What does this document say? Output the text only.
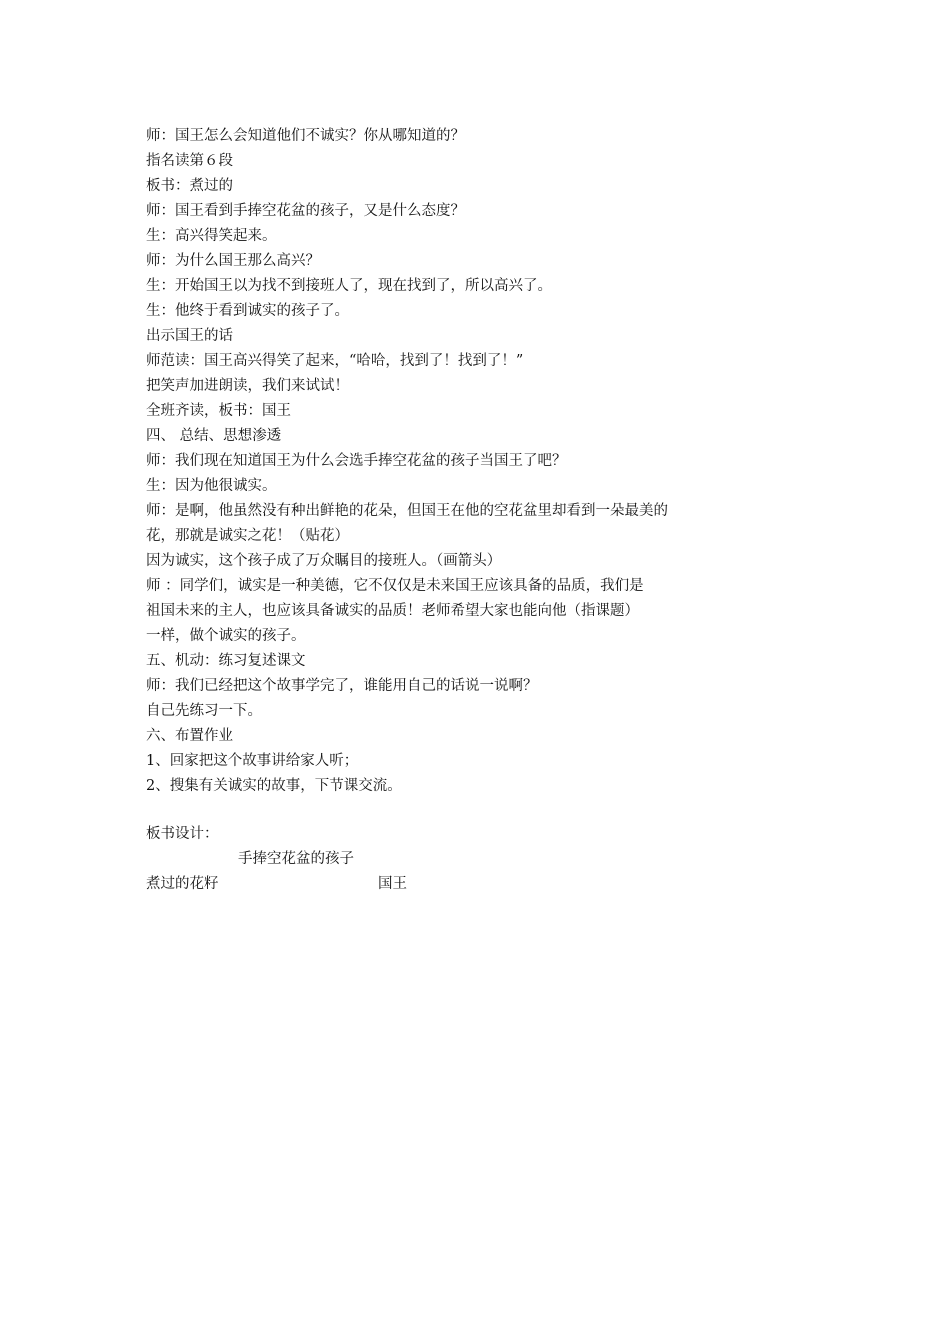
师：国王怎么会知道他们不诚实？你从哪知道的？
指名读第６段
板书：煮过的
师：国王看到手捧空花盆的孩子，又是什么态度？
生：高兴得笑起来。
师：为什么国王那么高兴？
生：开始国王以为找不到接班人了，现在找到了，所以高兴了。
生：他终于看到诚实的孩子了。
出示国王的话
师范读：国王高兴得笑了起来，“哈哈，找到了！找到了！”
把笑声加进朗读，我们来试试！
全班齐读，板书：国王
四、 总结、思想渗透
师：我们现在知道国王为什么会选手捧空花盆的孩子当国王了吧？
生：因为他很诚实。
师：是啊，他虽然没有种出鲜艳的花朵，但国王在他的空花盆里却看到一朵最美的
花，那就是诚实之花！（贴花）
因为诚实，这个孩子成了万众瞩目的接班人。（画箭头）
师 ：同学们，诚实是一种美德，它不仅仅是未来国王应该具备的品质，我们是
祖国未来的主人，也应该具备诚实的品质！老师希望大家也能向他（指课题）
一样，做个诚实的孩子。
五、机动：练习复述课文
师：我们已经把这个故事学完了，谁能用自己的话说一说啊？
自己先练习一下。
六、布置作业
1、回家把这个故事讲给家人听；
2、搜集有关诚实的故事，下节课交流。
板书设计：
手捧空花盆的孩子
煮过的花籽	国王
